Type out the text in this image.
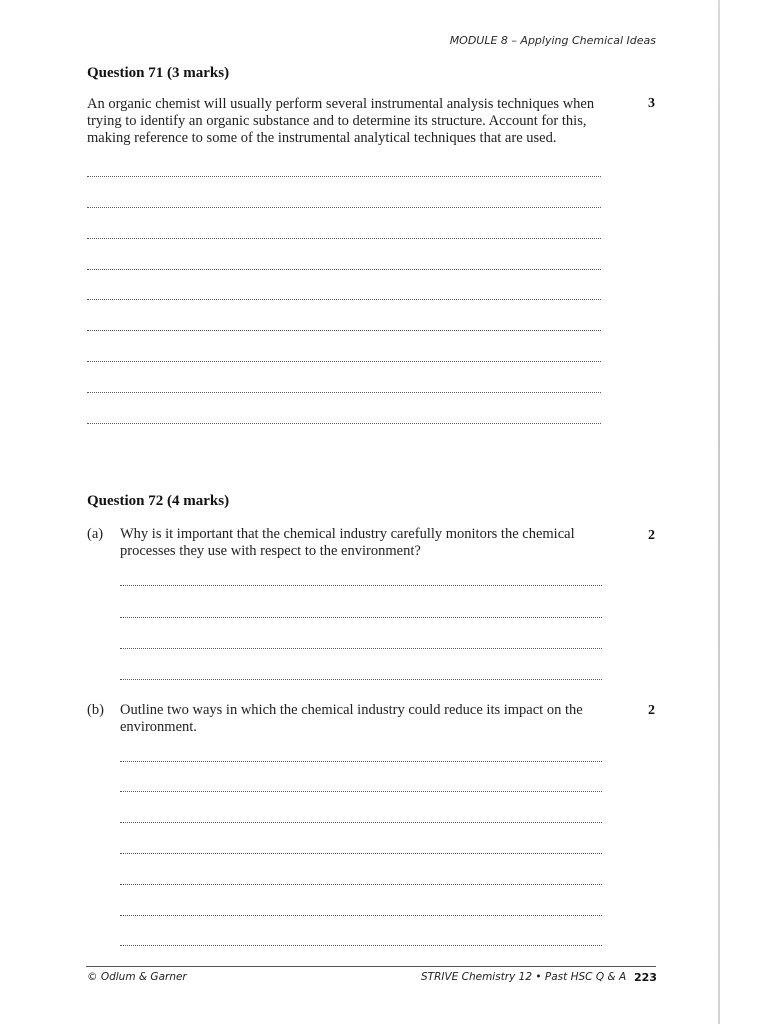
MODULE 8 – Applying Chemical Ideas
Question 71 (3 marks)
An organic chemist will usually perform several instrumental analysis techniques when
trying to identify an organic substance and to determine its structure. Account for this,
making reference to some of the instrumental analytical techniques that are used.
3
Question 72 (4 marks)
(a) Why is it important that the chemical industry carefully monitors the chemical
processes they use with respect to the environment?
2
(b) Outline two ways in which the chemical industry could reduce its impact on the
environment.
2
© Odlum & Garner	STRIVE Chemistry 12 • Past HSC Q & A 223
